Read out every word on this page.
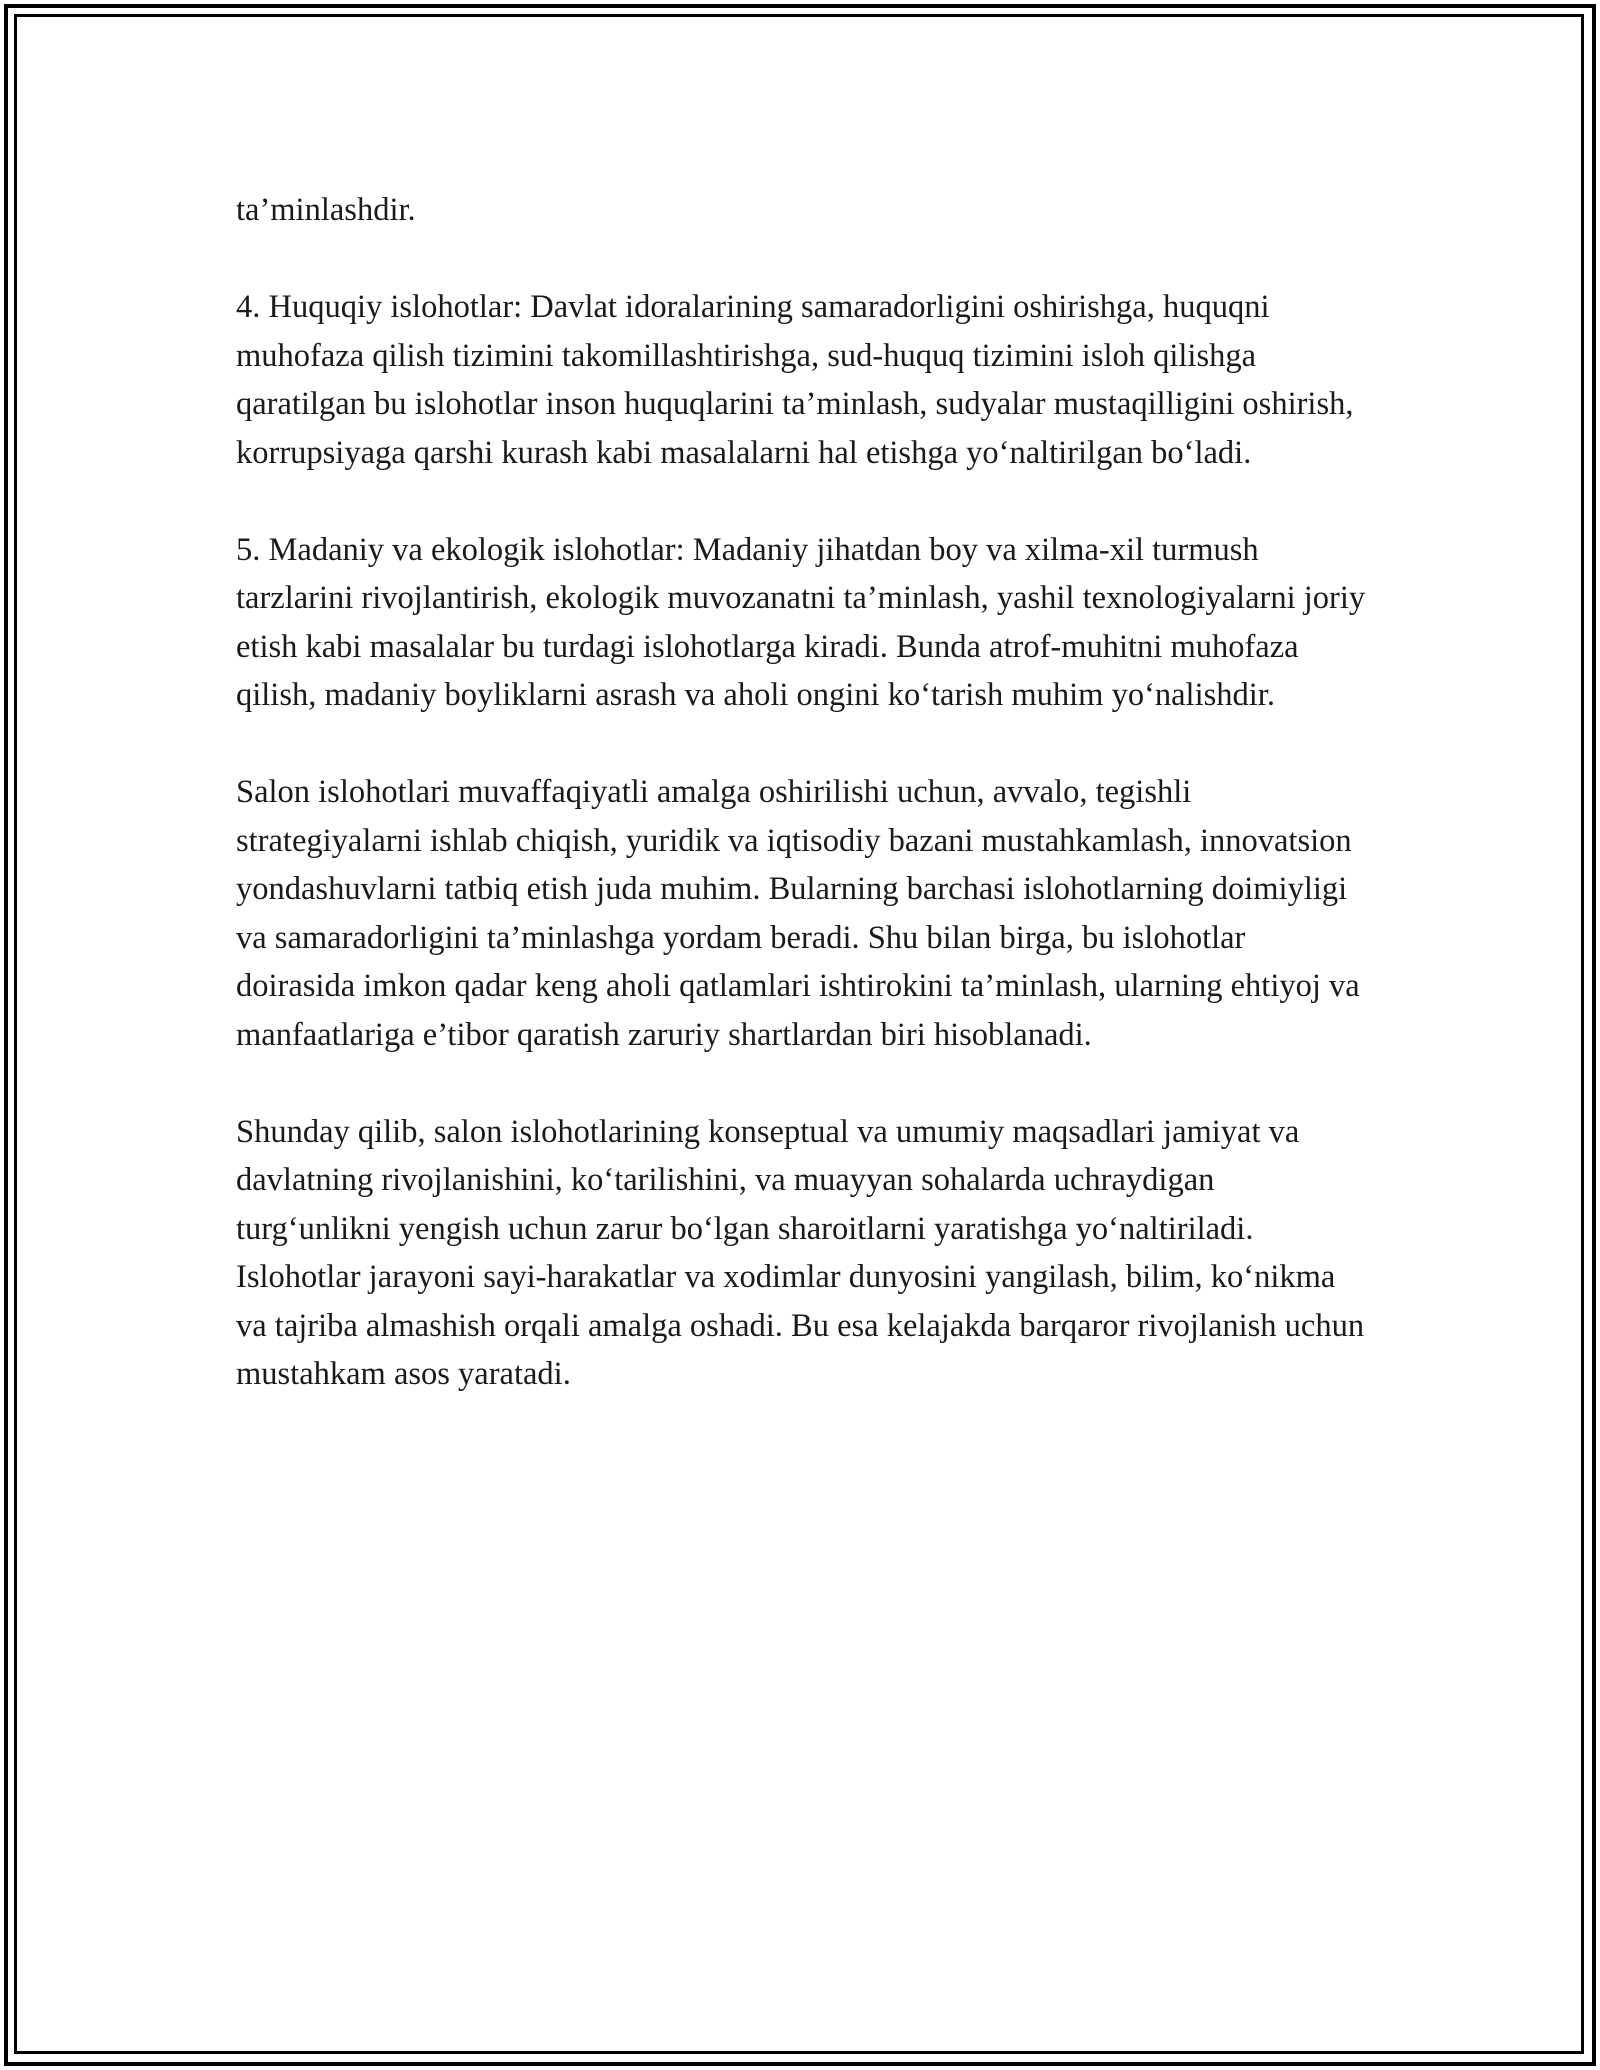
ta’minlashdir.

4. Huquqiy islohotlar: Davlat idoralarining samaradorligini oshirishga, huquqni muhofaza qilish tizimini takomillashtirishga, sud-huquq tizimini isloh qilishga qaratilgan bu islohotlar inson huquqlarini ta’minlash, sudyalar mustaqilligini oshirish, korrupsiyaga qarshi kurash kabi masalalarni hal etishga yo‘naltirilgan bo‘ladi.

5. Madaniy va ekologik islohotlar: Madaniy jihatdan boy va xilma-xil turmush tarzlarini rivojlantirish, ekologik muvozanatni ta’minlash, yashil texnologiyalarni joriy etish kabi masalalar bu turdagi islohotlarga kiradi. Bunda atrof-muhitni muhofaza qilish, madaniy boyliklarni asrash va aholi ongini ko‘tarish muhim yo‘nalishdir.

Salon islohotlari muvaffaqiyatli amalga oshirilishi uchun, avvalo, tegishli strategiyalarni ishlab chiqish, yuridik va iqtisodiy bazani mustahkamlash, innovatsion yondashuvlarni tatbiq etish juda muhim. Bularning barchasi islohotlarning doimiyligi va samaradorligini ta’minlashga yordam beradi. Shu bilan birga, bu islohotlar doirasida imkon qadar keng aholi qatlamlari ishtirokini ta’minlash, ularning ehtiyoj va manfaatlariga e’tibor qaratish zaruriy shartlardan biri hisoblanadi.

Shunday qilib, salon islohotlarining konseptual va umumiy maqsadlari jamiyat va davlatning rivojlanishini, ko‘tarilishini, va muayyan sohalarda uchraydigan turg‘unlikni yengish uchun zarur bo‘lgan sharoitlarni yaratishga yo‘naltiriladi. Islohotlar jarayoni sayi-harakatlar va xodimlar dunyosini yangilash, bilim, ko‘nikma va tajriba almashish orqali amalga oshadi. Bu esa kelajakda barqaror rivojlanish uchun mustahkam asos yaratadi.
